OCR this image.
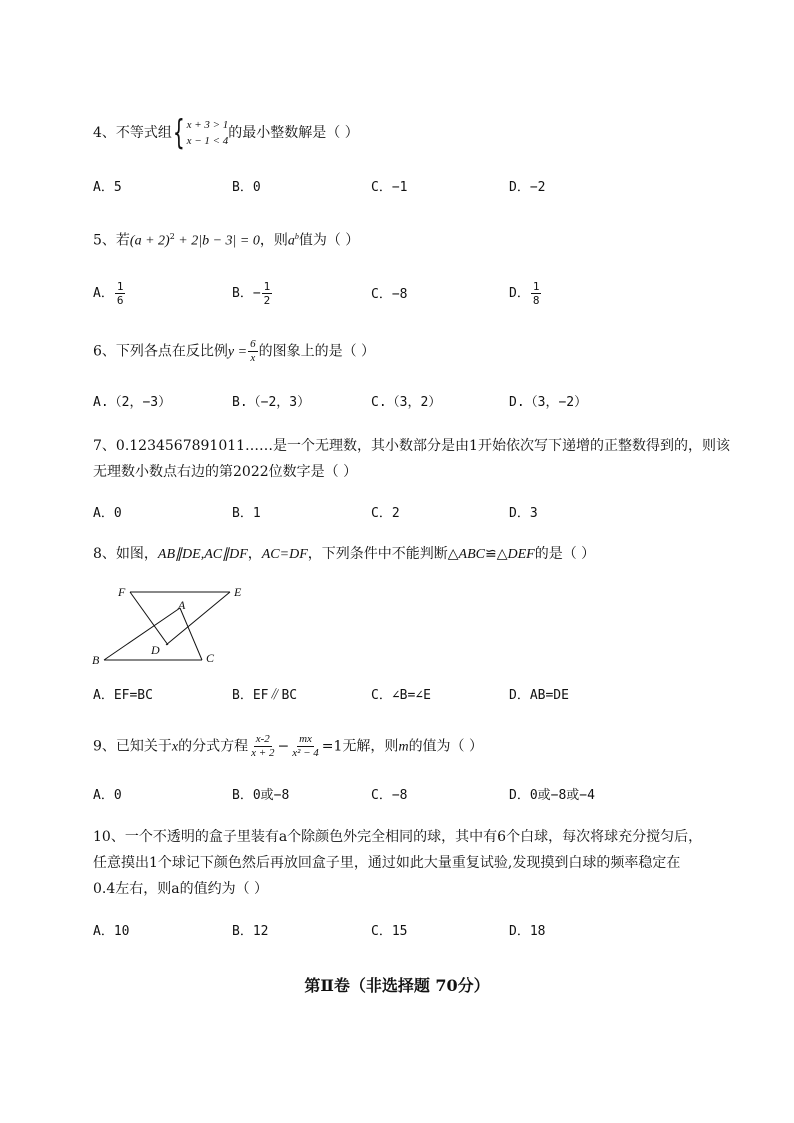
4、不等式组 { x + 3 > 1
x − 1 < 4 的最小整数解是（ ）
A．5	B．0	C．−1	D．−2
5、若$(a + 2)^2 + 2|b - 3| = 0$，则$a^b$值为（ ）
A． $\frac{1}{6}$	B．− $\frac{1}{2}$	C．−8	D． $\frac{1}{8}$
6、下列各点在反比例$y = \frac{6}{x}$ 的图象上的是（ ）
A.（2，−3）	B.（−2，3）	C.（3，2）	D.（3，−2）
7、0.1234567891011……是一个无理数，其小数部分是由1开始依次写下递增的正整数得到的，则该
无理数小数点右边的第2022位数字是（ ）
A．0	B．1	C．2	D．3
8、如图，AB∥DE,AC∥DF，AC=DF，下列条件中不能判断△ABC≌△DEF的是（ ）
F
A
E
D
B	C
A．EF=BC	B．EF∥BC	C．∠B=∠E	D．AB=DE
9、已知关于x的分式方程 $\frac{x-2}{x + 2} - \frac{mx}{\text{x² − 4}} =1$无解，则m的值为（ ）
A．0	B．0或−8	C．−8	D．0或−8或−4
10、一个不透明的盒子里装有a个除颜色外完全相同的球，其中有6个白球，每次将球充分搅匀后，
任意摸出1个球记下颜色然后再放回盒子里，通过如此大量重复试验,发现摸到白球的频率稳定在
0.4左右，则a的值约为（ ）
A．10	B．12	C．15	D．18
第Ⅱ卷（非选择题 70分）
